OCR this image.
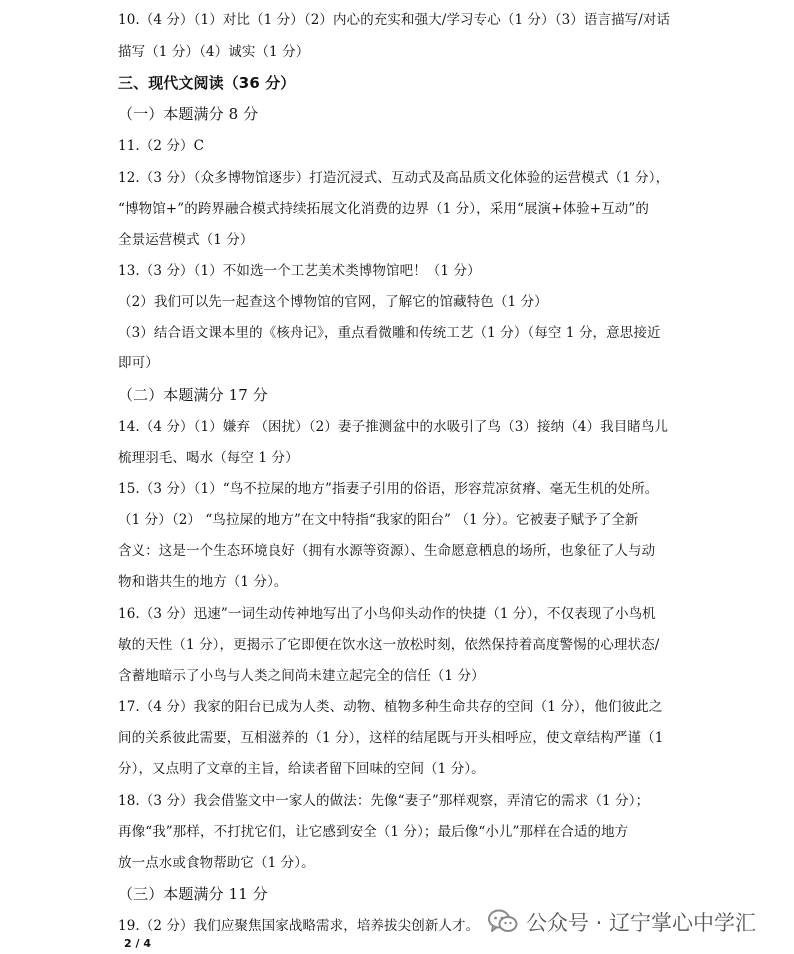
10.（4 分）（1）对比（1 分）（2）内心的充实和强大/学习专心（1 分）（3）语言描写/对话
描写（1 分）（4）诚实（1 分）
三、现代文阅读（36 分）
（一）本题满分 8 分
11.（2 分）C
12.（3 分）（众多博物馆逐步）打造沉浸式、互动式及高品质文化体验的运营模式（1 分），
“博物馆+”的跨界融合模式持续拓展文化消费的边界（1 分），采用“展演+体验+互动”的
全景运营模式（1 分）
13.（3 分）（1）不如选一个工艺美术类博物馆吧！（1 分）
（2）我们可以先一起查这个博物馆的官网，了解它的馆藏特色（1 分）
（3）结合语文课本里的《核舟记》，重点看微雕和传统工艺（1 分）（每空 1 分，意思接近
即可）
（二）本题满分 17 分
14.（4 分）（1）嫌弃 （困扰）（2）妻子推测盆中的水吸引了鸟（3）接纳（4）我目睹鸟儿
梳理羽毛、喝水（每空 1 分）
15.（3 分）（1）“鸟不拉屎的地方”指妻子引用的俗语，形容荒凉贫瘠、毫无生机的处所。
（1 分）（2） “鸟拉屎的地方”在文中特指“我家的阳台” （1 分）。它被妻子赋予了全新
含义：这是一个生态环境良好（拥有水源等资源）、生命愿意栖息的场所，也象征了人与动
物和谐共生的地方（1 分）。
16.（3 分）迅速”一词生动传神地写出了小鸟仰头动作的快捷（1 分），不仅表现了小鸟机
敏的天性（1 分），更揭示了它即便在饮水这一放松时刻，依然保持着高度警惕的心理状态/
含蓄地暗示了小鸟与人类之间尚未建立起完全的信任（1 分）
17.（4 分）我家的阳台已成为人类、动物、植物多种生命共存的空间（1 分），他们彼此之
间的关系彼此需要，互相滋养的（1 分），这样的结尾既与开头相呼应，使文章结构严谨（1
分），又点明了文章的主旨，给读者留下回味的空间（1 分）。
18.（3 分）我会借鉴文中一家人的做法：先像“妻子”那样观察，弄清它的需求（1 分）；
再像“我”那样，不打扰它们，让它感到安全（1 分）；最后像“小儿”那样在合适的地方
放一点水或食物帮助它（1 分）。
（三）本题满分 11 分
19.（2 分）我们应聚焦国家战略需求，培养拔尖创新人才。
2 / 4
公众号 · 辽宁掌心中学汇
